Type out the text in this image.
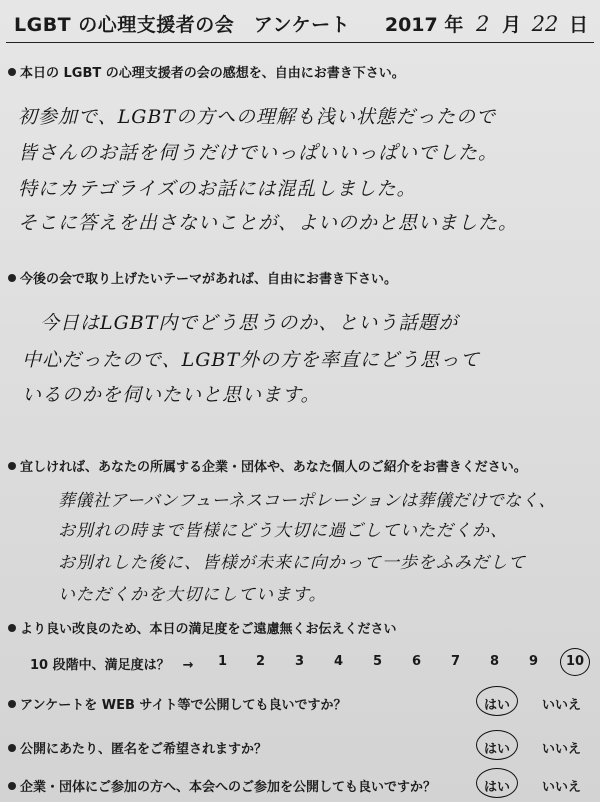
LGBT の心理支援者の会　アンケート 2017 年 2 月 22 日
本日の LGBT の心理支援者の会の感想を、自由にお書き下さい。
初参加で、LGBTの方への理解も浅い状態だったので
皆さんのお話を伺うだけでいっぱいいっぱいでした。
特にカテゴライズのお話には混乱しました。
そこに答えを出さないことが、よいのかと思いました。
今後の会で取り上げたいテーマがあれば、自由にお書き下さい。
今日はLGBT内でどう思うのか、という話題が
中心だったので、LGBT外の方を率直にどう思って
いるのかを伺いたいと思います。
宜しければ、あなたの所属する企業・団体や、あなた個人のご紹介をお書きください。
葬儀社アーバンフューネスコーポレーションは葬儀だけでなく、
お別れの時まで皆様にどう大切に過ごしていただくか、
お別れした後に、皆様が未来に向かって一歩をふみだして
いただくかを大切にしています。
より良い改良のため、本日の満足度をご遠慮無くお伝えください
10 段階中、満足度は？　→ 1 2 3 4 5 6 7 8 9 10
アンケートを WEB サイト等で公開しても良いですか？	はい いいえ
公開にあたり、匿名をご希望されますか？	はい いいえ
企業・団体にご参加の方へ、本会へのご参加を公開しても良いですか？	はい いいえ
